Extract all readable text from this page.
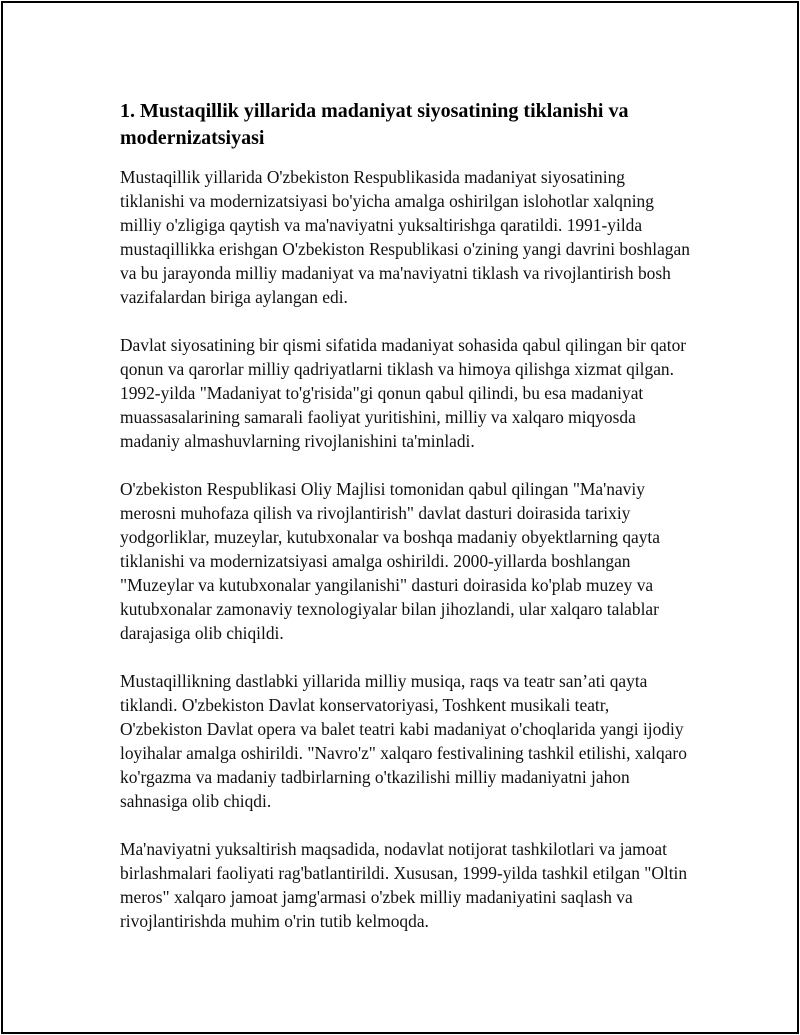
1. Mustaqillik yillarida madaniyat siyosatining tiklanishi va modernizatsiyasi

Mustaqillik yillarida O'zbekiston Respublikasida madaniyat siyosatining tiklanishi va modernizatsiyasi bo'yicha amalga oshirilgan islohotlar xalqning milliy o'zligiga qaytish va ma'naviyatni yuksaltirishga qaratildi. 1991-yilda mustaqillikka erishgan O'zbekiston Respublikasi o'zining yangi davrini boshlagan va bu jarayonda milliy madaniyat va ma'naviyatni tiklash va rivojlantirish bosh vazifalardan biriga aylangan edi.

Davlat siyosatining bir qismi sifatida madaniyat sohasida qabul qilingan bir qator qonun va qarorlar milliy qadriyatlarni tiklash va himoya qilishga xizmat qilgan. 1992-yilda "Madaniyat to'g'risida"gi qonun qabul qilindi, bu esa madaniyat muassasalarining samarali faoliyat yuritishini, milliy va xalqaro miqyosda madaniy almashuvlarning rivojlanishini ta'minladi.

O'zbekiston Respublikasi Oliy Majlisi tomonidan qabul qilingan "Ma'naviy merosni muhofaza qilish va rivojlantirish" davlat dasturi doirasida tarixiy yodgorliklar, muzeylar, kutubxonalar va boshqa madaniy obyektlarning qayta tiklanishi va modernizatsiyasi amalga oshirildi. 2000-yillarda boshlangan "Muzeylar va kutubxonalar yangilanishi" dasturi doirasida ko'plab muzey va kutubxonalar zamonaviy texnologiyalar bilan jihozlandi, ular xalqaro talablar darajasiga olib chiqildi.

Mustaqillikning dastlabki yillarida milliy musiqa, raqs va teatr san’ati qayta tiklandi. O'zbekiston Davlat konservatoriyasi, Toshkent musikali teatr, O'zbekiston Davlat opera va balet teatri kabi madaniyat o'choqlarida yangi ijodiy loyihalar amalga oshirildi. "Navro'z" xalqaro festivalining tashkil etilishi, xalqaro ko'rgazma va madaniy tadbirlarning o'tkazilishi milliy madaniyatni jahon sahnasiga olib chiqdi.

Ma'naviyatni yuksaltirish maqsadida, nodavlat notijorat tashkilotlari va jamoat birlashmalari faoliyati rag'batlantirildi. Xususan, 1999-yilda tashkil etilgan "Oltin meros" xalqaro jamoat jamg'armasi o'zbek milliy madaniyatini saqlash va rivojlantirishda muhim o'rin tutib kelmoqda.
